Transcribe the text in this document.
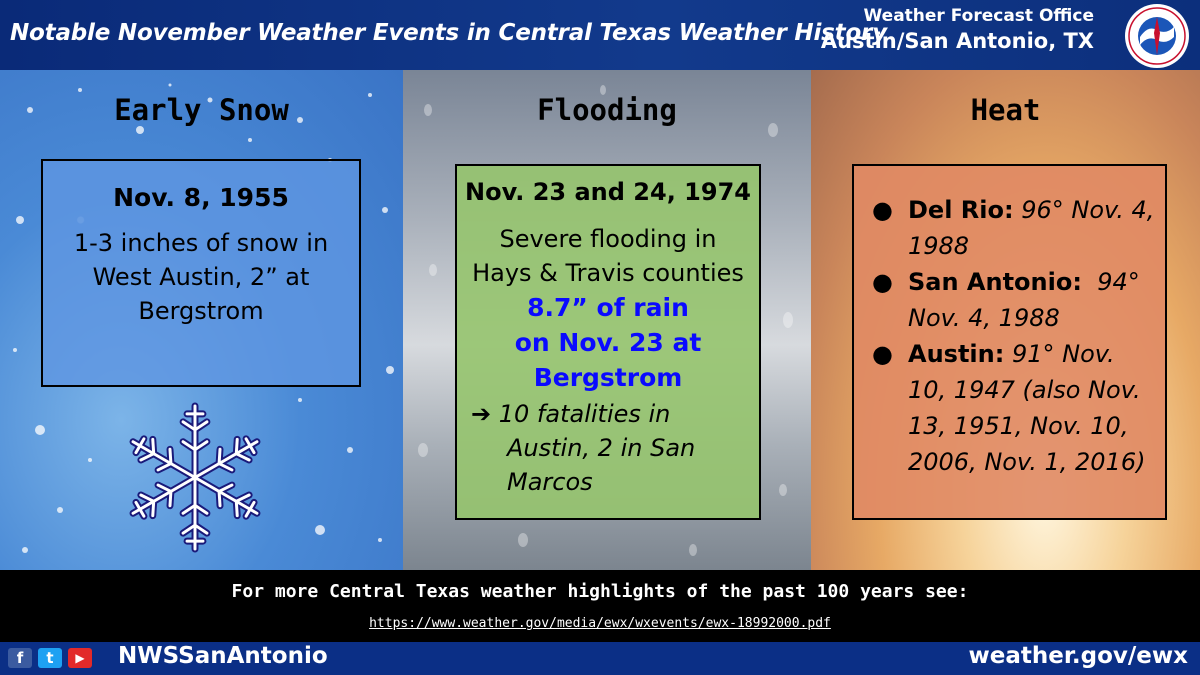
Notable November Weather Events in Central Texas Weather History
Weather Forecast Office
Austin/San Antonio, TX
Early Snow
Nov. 8, 1955
1-3 inches of snow in West Austin, 2” at Bergstrom
Flooding
Nov. 23 and 24, 1974
Severe flooding in Hays & Travis counties
8.7” of rain
on Nov. 23 at
Bergstrom
➔ 10 fatalities in
Austin, 2 in San
Marcos
Heat
● Del Rio: 96° Nov. 4, 1988
● San Antonio:  94° Nov. 4, 1988
● Austin: 91° Nov. 10, 1947 (also Nov. 13, 1951, Nov. 10, 2006, Nov. 1, 2016)
For more Central Texas weather highlights of the past 100 years see:
https://www.weather.gov/media/ewx/wxevents/ewx-18992000.pdf
f	t	▶	NWSSanAntonio	weather.gov/ewx
